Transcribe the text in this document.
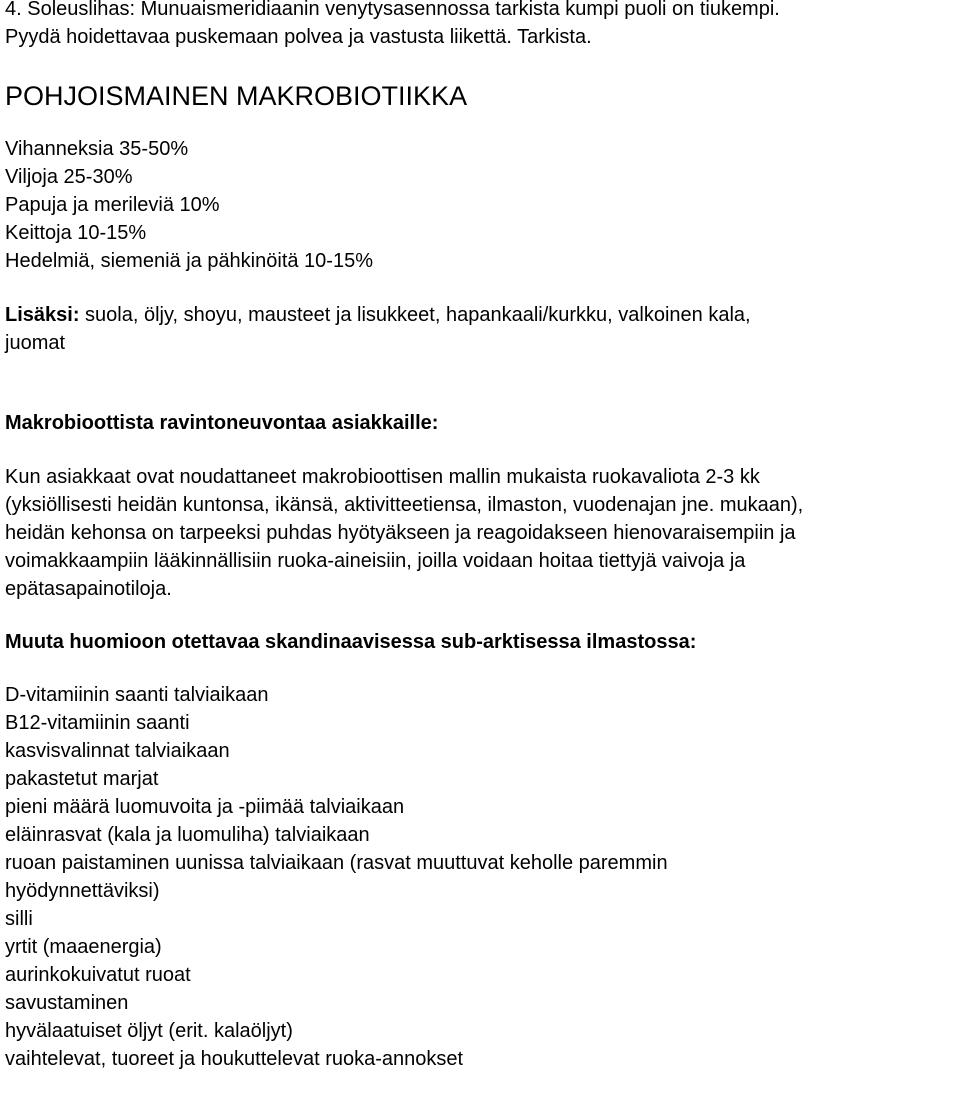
4. Soleuslihas: Munuaismeridiaanin venytysasennossa tarkista kumpi puoli on tiukempi.
Pyydä hoidettavaa puskemaan polvea ja vastusta liikettä. Tarkista.
POHJOISMAINEN MAKROBIOTIIKKA
Vihanneksia 35-50%
Viljoja 25-30%
Papuja ja merileviä 10%
Keittoja 10-15%
Hedelmiä, siemeniä ja pähkinöitä 10-15%
Lisäksi: suola, öljy, shoyu, mausteet ja lisukkeet, hapankaali/kurkku, valkoinen kala,
juomat
Makrobioottista ravintoneuvontaa asiakkaille:
Kun asiakkaat ovat noudattaneet makrobioottisen mallin mukaista ruokavaliota 2-3 kk
(yksiöllisesti heidän kuntonsa, ikänsä, aktivitteetiensa, ilmaston, vuodenajan jne. mukaan),
heidän kehonsa on tarpeeksi puhdas hyötyäkseen ja reagoidakseen hienovaraisempiin ja
voimakkaampiin lääkinnällisiin ruoka-aineisiin, joilla voidaan hoitaa tiettyjä vaivoja ja
epätasapainotiloja.
Muuta huomioon otettavaa skandinaavisessa sub-arktisessa ilmastossa:
D-vitamiinin saanti talviaikaan
B12-vitamiinin saanti
kasvisvalinnat talviaikaan
pakastetut marjat
pieni määrä luomuvoita ja -piimää talviaikaan
eläinrasvat (kala ja luomuliha) talviaikaan
ruoan paistaminen uunissa talviaikaan (rasvat muuttuvat keholle paremmin
hyödynnettäviksi)
silli
yrtit (maaenergia)
aurinkokuivatut ruoat
savustaminen
hyvälaatuiset öljyt (erit. kalaöljyt)
vaihtelevat, tuoreet ja houkuttelevat ruoka-annokset
